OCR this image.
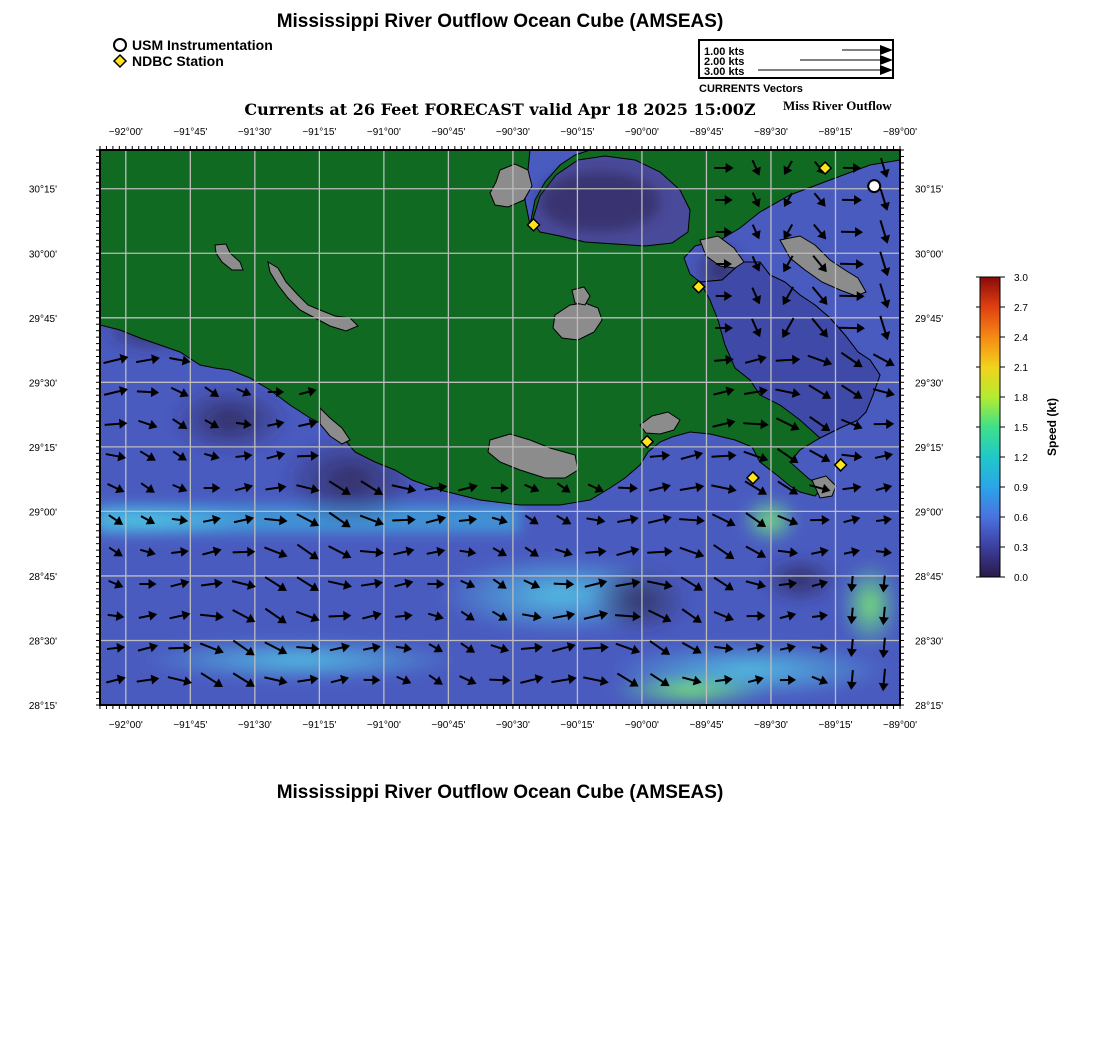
Mississippi River Outflow Ocean Cube (AMSEAS)
USM Instrumentation
NDBC Station
1.00 kts
2.00 kts
3.00 kts
CURRENTS Vectors
Currents at 26 Feet FORECAST valid Apr 18 2025 15:00Z	Miss River Outflow
−92°00'
−92°00'
−91°45'
−91°45'
−91°30'
−91°30'
−91°15'
−91°15'
−91°00'
−91°00'
−90°45'
−90°45'
−90°30'
−90°30'
−90°15'
−90°15'
−90°00'
−90°00'
−89°45'
−89°45'
−89°30'
−89°30'
−89°15'
−89°15'
−89°00'
−89°00'
30°15'	30°15'
30°00'	30°00'
29°45'	29°45'
29°30'	29°30'
29°15'	29°15'
29°00'	29°00'
28°45'	28°45'
28°30'	28°30'
28°15'	28°15'
3.0
2.7
2.4
2.1
1.8
1.5
1.2
0.9
0.6
0.3
0.0
Speed (kt)
Mississippi River Outflow Ocean Cube (AMSEAS)
